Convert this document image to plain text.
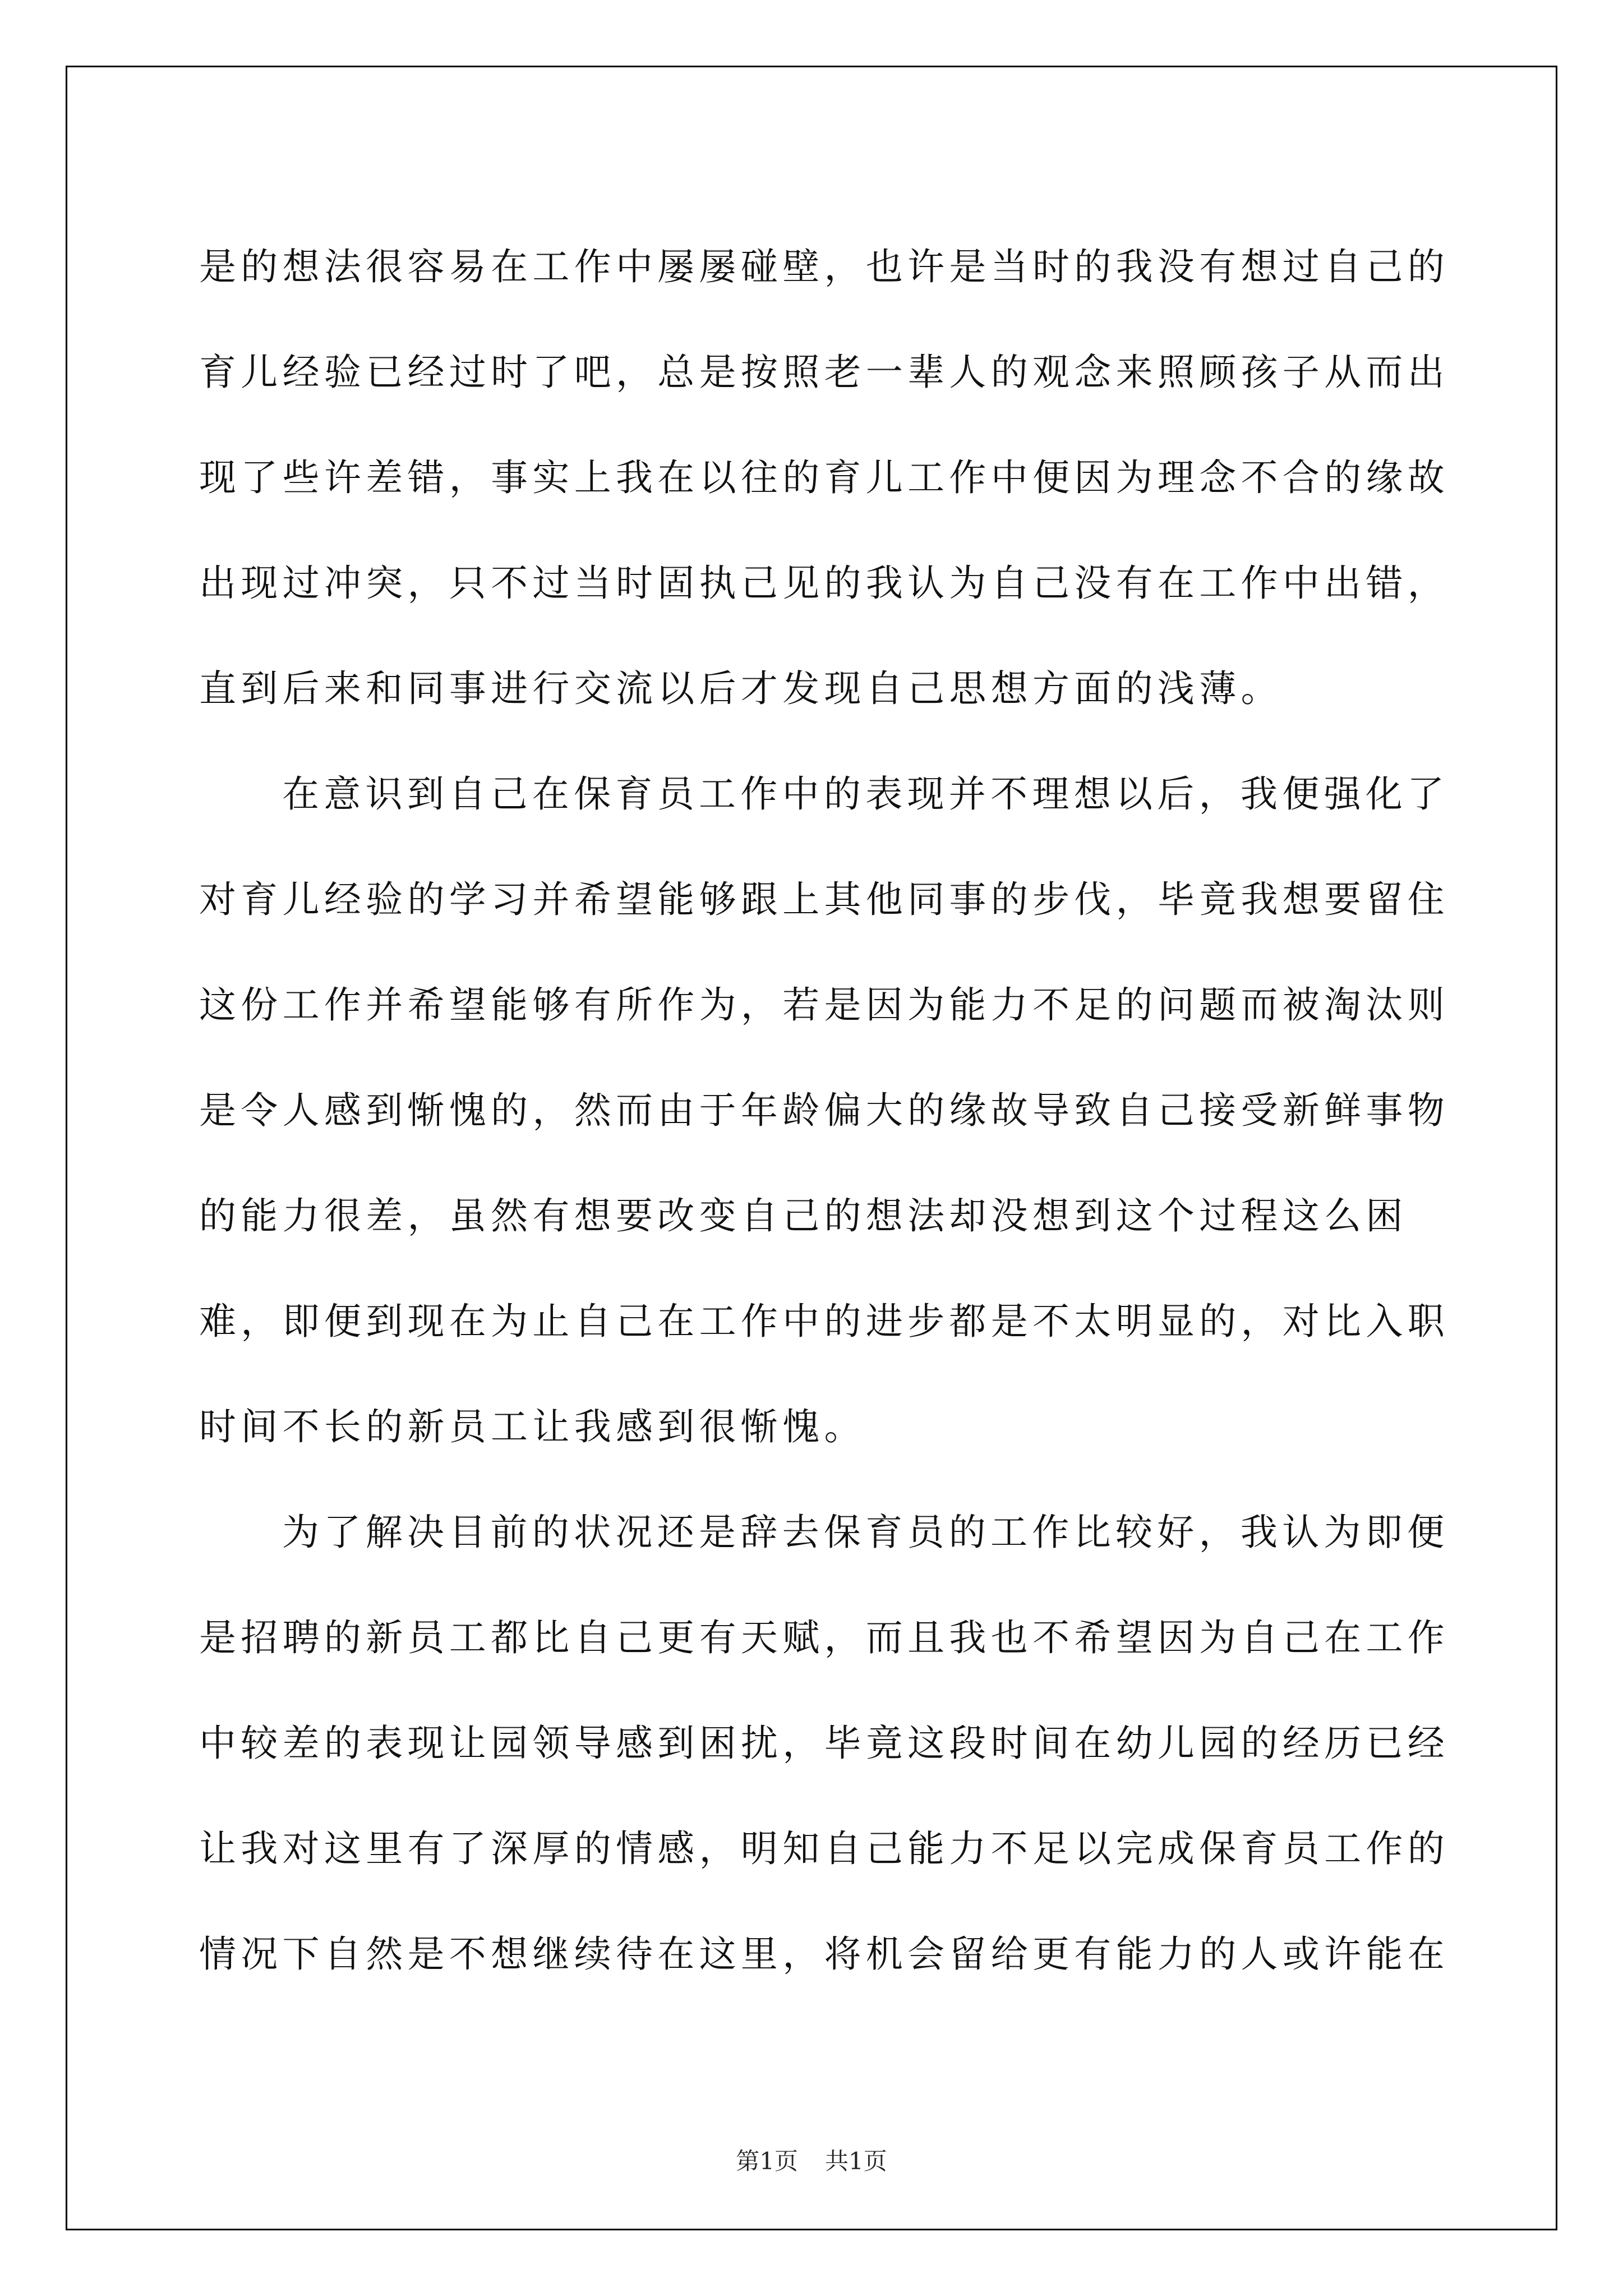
是的想法很容易在工作中屡屡碰壁，也许是当时的我没有想过自己的育儿经验已经过时了吧，总是按照老一辈人的观念来照顾孩子从而出现了些许差错，事实上我在以往的育儿工作中便因为理念不合的缘故出现过冲突，只不过当时固执己见的我认为自己没有在工作中出错，直到后来和同事进行交流以后才发现自己思想方面的浅薄。

在意识到自己在保育员工作中的表现并不理想以后，我便强化了对育儿经验的学习并希望能够跟上其他同事的步伐，毕竟我想要留住这份工作并希望能够有所作为，若是因为能力不足的问题而被淘汰则是令人感到惭愧的，然而由于年龄偏大的缘故导致自己接受新鲜事物的能力很差，虽然有想要改变自己的想法却没想到这个过程这么困难，即便到现在为止自己在工作中的进步都是不太明显的，对比入职时间不长的新员工让我感到很惭愧。

为了解决目前的状况还是辞去保育员的工作比较好，我认为即便是招聘的新员工都比自己更有天赋，而且我也不希望因为自己在工作中较差的表现让园领导感到困扰，毕竟这段时间在幼儿园的经历已经让我对这里有了深厚的情感，明知自己能力不足以完成保育员工作的情况下自然是不想继续待在这里，将机会留给更有能力的人或许能在

第1页 共1页
